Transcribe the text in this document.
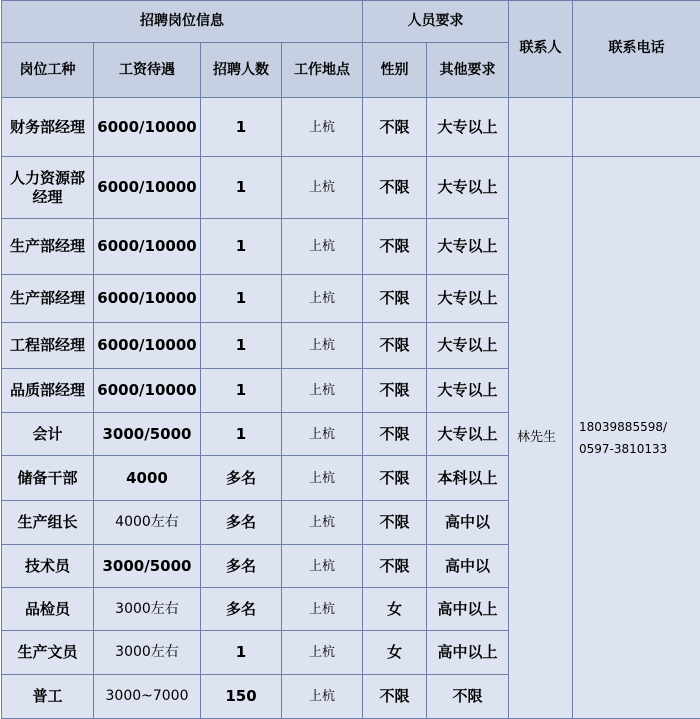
招聘岗位信息				人员要求		联系人	联系电话
岗位工种	工资待遇	招聘人数	工作地点	性别	其他要求		
财务部经理	6000/10000	1	上杭	不限	大专以上		
人力资源部经理	6000/10000	1	上杭	不限	大专以上	林先生	18039885598/
0597-3810133

生产部经理	6000/10000	1	上杭	不限	大专以上		
生产部经理	6000/10000	1	上杭	不限	大专以上		
工程部经理	6000/10000	1	上杭	不限	大专以上		
品质部经理	6000/10000	1	上杭	不限	大专以上		
会计	3000/5000	1	上杭	不限	大专以上		
储备干部	4000	多名	上杭	不限	本科以上		
生产组长	4000左右	多名	上杭	不限	高中以		
技术员	3000/5000	多名	上杭	不限	高中以		
品检员	3000左右	多名	上杭	女	高中以上		
生产文员	3000左右	1	上杭	女	高中以上		
普工	3000~7000	150	上杭	不限	不限		
